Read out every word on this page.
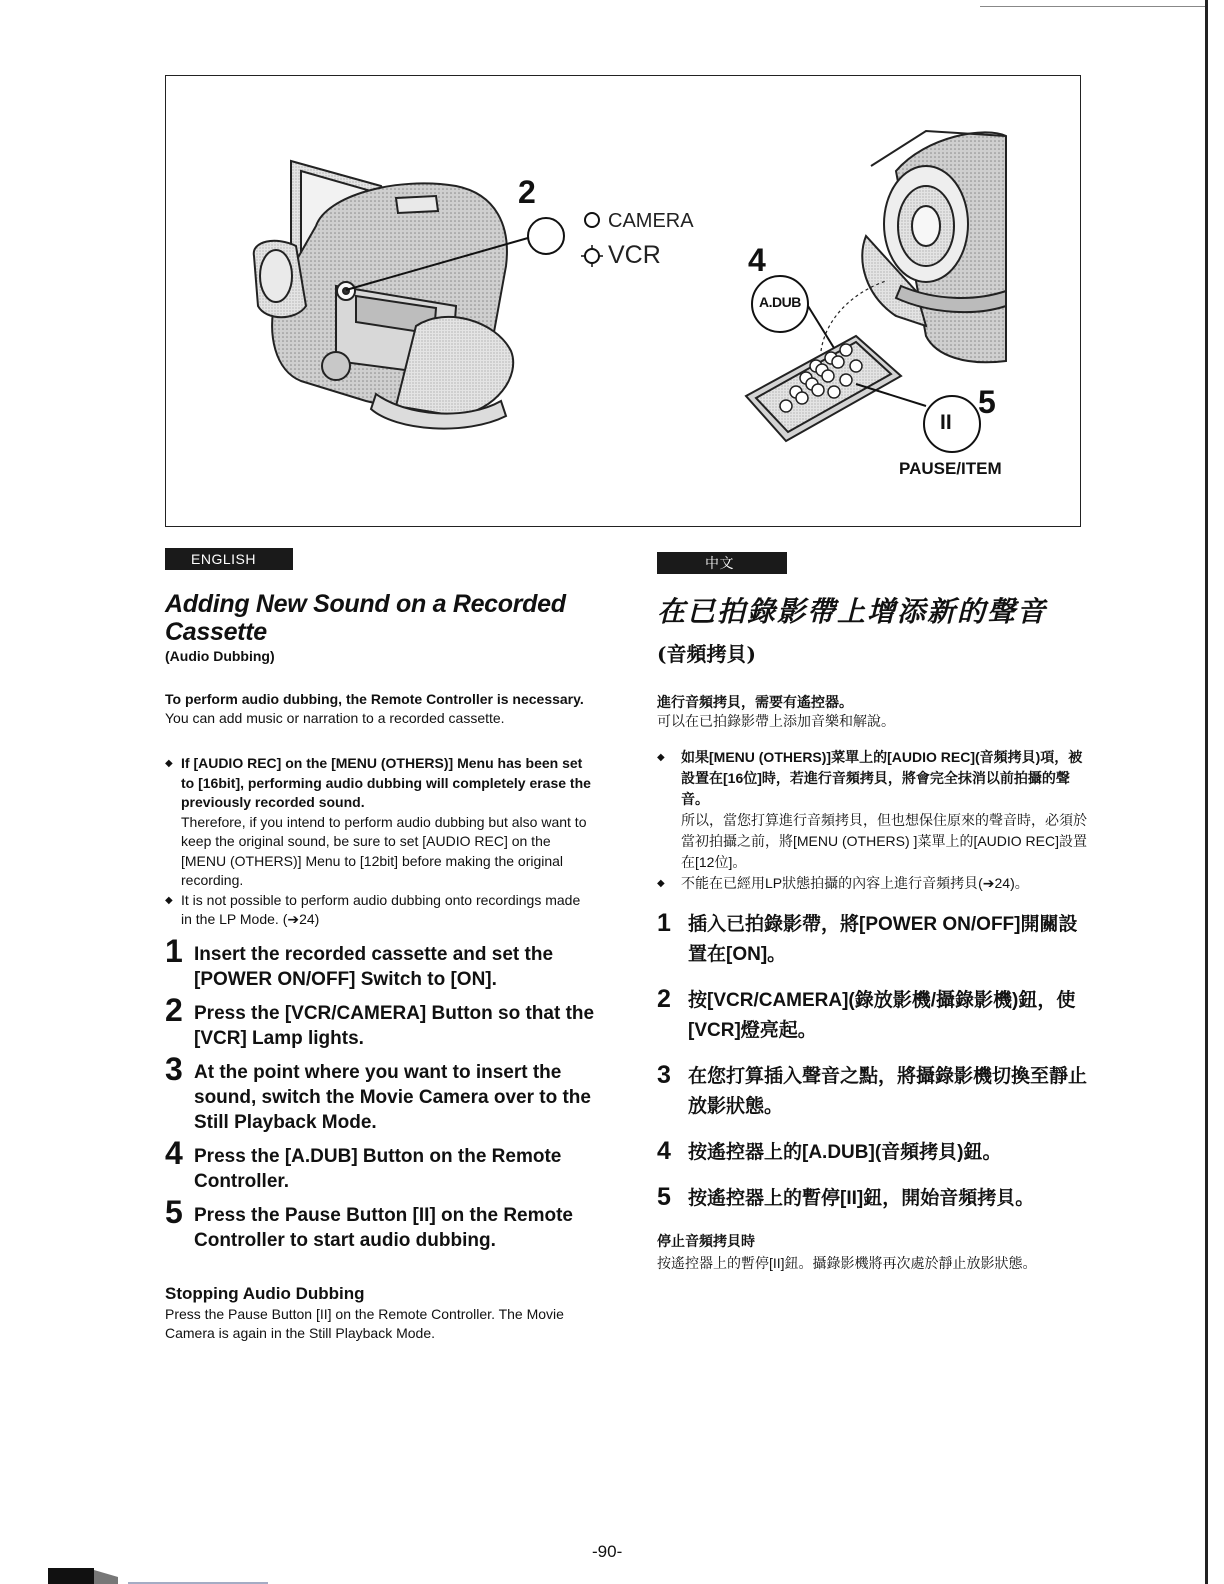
2
CAMERA
VCR	4
A.DUB
5
II
PAUSE/ITEM
ENGLISH	中文
Adding New Sound on a Recorded Cassette

(Audio Dubbing)

To perform audio dubbing, the Remote Controller is necessary.

You can add music or narration to a recorded cassette.

◆ If [AUDIO REC] on the [MENU (OTHERS)] Menu has been set to [16bit], performing audio dubbing will completely erase the previously recorded sound.
Therefore, if you intend to perform audio dubbing but also want to keep the original sound, be sure to set [AUDIO REC] on the [MENU (OTHERS)] Menu to [12bit] before making the original recording.
◆ It is not possible to perform audio dubbing onto recordings made in the LP Mode. (➔24)
1 Insert the recorded cassette and set the [POWER ON/OFF] Switch to [ON].
2 Press the [VCR/CAMERA] Button so that the [VCR] Lamp lights.
3 At the point where you want to insert the sound, switch the Movie Camera over to the Still Playback Mode.
4 Press the [A.DUB] Button on the Remote Controller.
5 Press the Pause Button [II] on the Remote Controller to start audio dubbing.

Stopping Audio Dubbing

Press the Pause Button [II] on the Remote Controller. The Movie Camera is again in the Still Playback Mode.

在已拍錄影帶上增添新的聲音

(音頻拷貝)

進行音頻拷貝，需要有遙控器。

可以在已拍錄影帶上添加音樂和解說。

◆ 如果[MENU (OTHERS)]菜單上的[AUDIO REC](音頻拷貝)項，被設置在[16位]時，若進行音頻拷貝，將會完全抹消以前拍攝的聲音。
所以，當您打算進行音頻拷貝，但也想保住原來的聲音時，必須於當初拍攝之前，將[MENU (OTHERS) ]菜單上的[AUDIO REC]設置在[12位]。
◆ 不能在已經用LP狀態拍攝的內容上進行音頻拷貝(➔24)。
1 插入已拍錄影帶，將[POWER ON/OFF]開關設置在[ON]。
2 按[VCR/CAMERA](錄放影機/攝錄影機)鈕，使[VCR]燈亮起。
3 在您打算插入聲音之點，將攝錄影機切換至靜止放影狀態。
4 按遙控器上的[A.DUB](音頻拷貝)鈕。
5 按遙控器上的暫停[II]鈕，開始音頻拷貝。

停止音頻拷貝時

按遙控器上的暫停[II]鈕。攝錄影機將再次處於靜止放影狀態。

-90-
